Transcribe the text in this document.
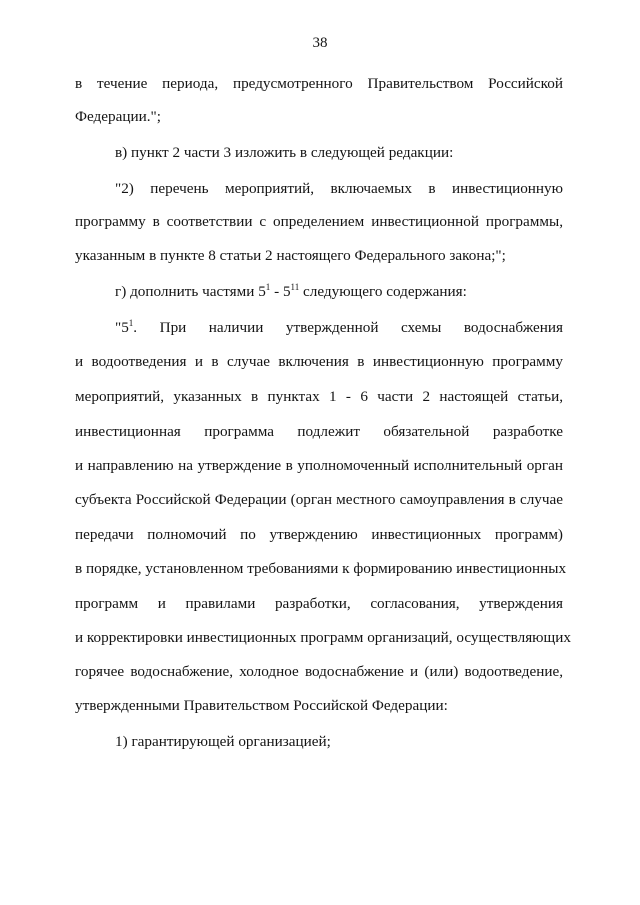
38
в течение периода, предусмотренного Правительством Российской
Федерации.";
в) пункт 2 части 3 изложить в следующей редакции:
"2) перечень мероприятий, включаемых в инвестиционную
программу в соответствии с определением инвестиционной программы,
указанным в пункте 8 статьи 2 настоящего Федерального закона;";
г) дополнить частями $5^1 - 5^{11}$ следующего содержания:
"$5^1$. При наличии утвержденной схемы водоснабжения
и водоотведения и в случае включения в инвестиционную программу
мероприятий, указанных в пунктах 1 - 6 части 2 настоящей статьи,
инвестиционная программа подлежит обязательной разработке
и направлению на утверждение в уполномоченный исполнительный орган
субъекта Российской Федерации (орган местного самоуправления в случае
передачи полномочий по утверждению инвестиционных программ)
в порядке, установленном требованиями к формированию инвестиционных
программ и правилами разработки, согласования, утверждения
и корректировки инвестиционных программ организаций, осуществляющих
горячее водоснабжение, холодное водоснабжение и (или) водоотведение,
утвержденными Правительством Российской Федерации:
1) гарантирующей организацией;
